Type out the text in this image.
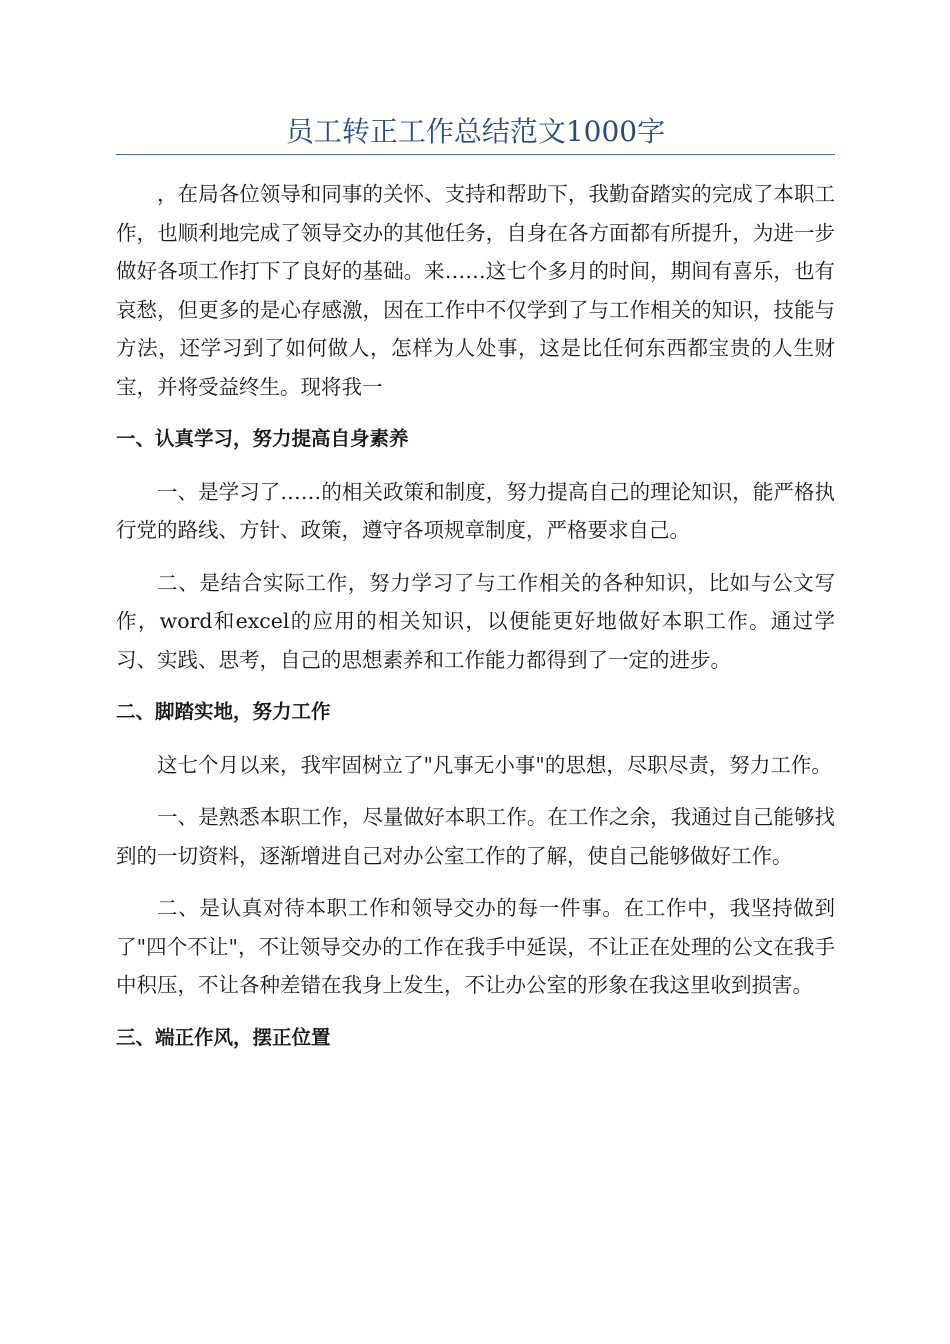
员工转正工作总结范文1000字

，在局各位领导和同事的关怀、支持和帮助下，我勤奋踏实的完成了本职工作，也顺利地完成了领导交办的其他任务，自身在各方面都有所提升，为进一步做好各项工作打下了良好的基础。来……这七个多月的时间，期间有喜乐，也有哀愁，但更多的是心存感激，因在工作中不仅学到了与工作相关的知识，技能与方法，还学习到了如何做人，怎样为人处事，这是比任何东西都宝贵的人生财宝，并将受益终生。现将我一

一、认真学习，努力提高自身素养

一、是学习了……的相关政策和制度，努力提高自己的理论知识，能严格执行党的路线、方针、政策，遵守各项规章制度，严格要求自己。

二、是结合实际工作，努力学习了与工作相关的各种知识，比如与公文写作，word和excel的应用的相关知识，以便能更好地做好本职工作。通过学习、实践、思考，自己的思想素养和工作能力都得到了一定的进步。

二、脚踏实地，努力工作

这七个月以来，我牢固树立了"凡事无小事"的思想，尽职尽责，努力工作。

一、是熟悉本职工作，尽量做好本职工作。在工作之余，我通过自己能够找到的一切资料，逐渐增进自己对办公室工作的了解，使自己能够做好工作。

二、是认真对待本职工作和领导交办的每一件事。在工作中，我坚持做到了"四个不让"，不让领导交办的工作在我手中延误，不让正在处理的公文在我手中积压，不让各种差错在我身上发生，不让办公室的形象在我这里收到损害。

三、端正作风，摆正位置
